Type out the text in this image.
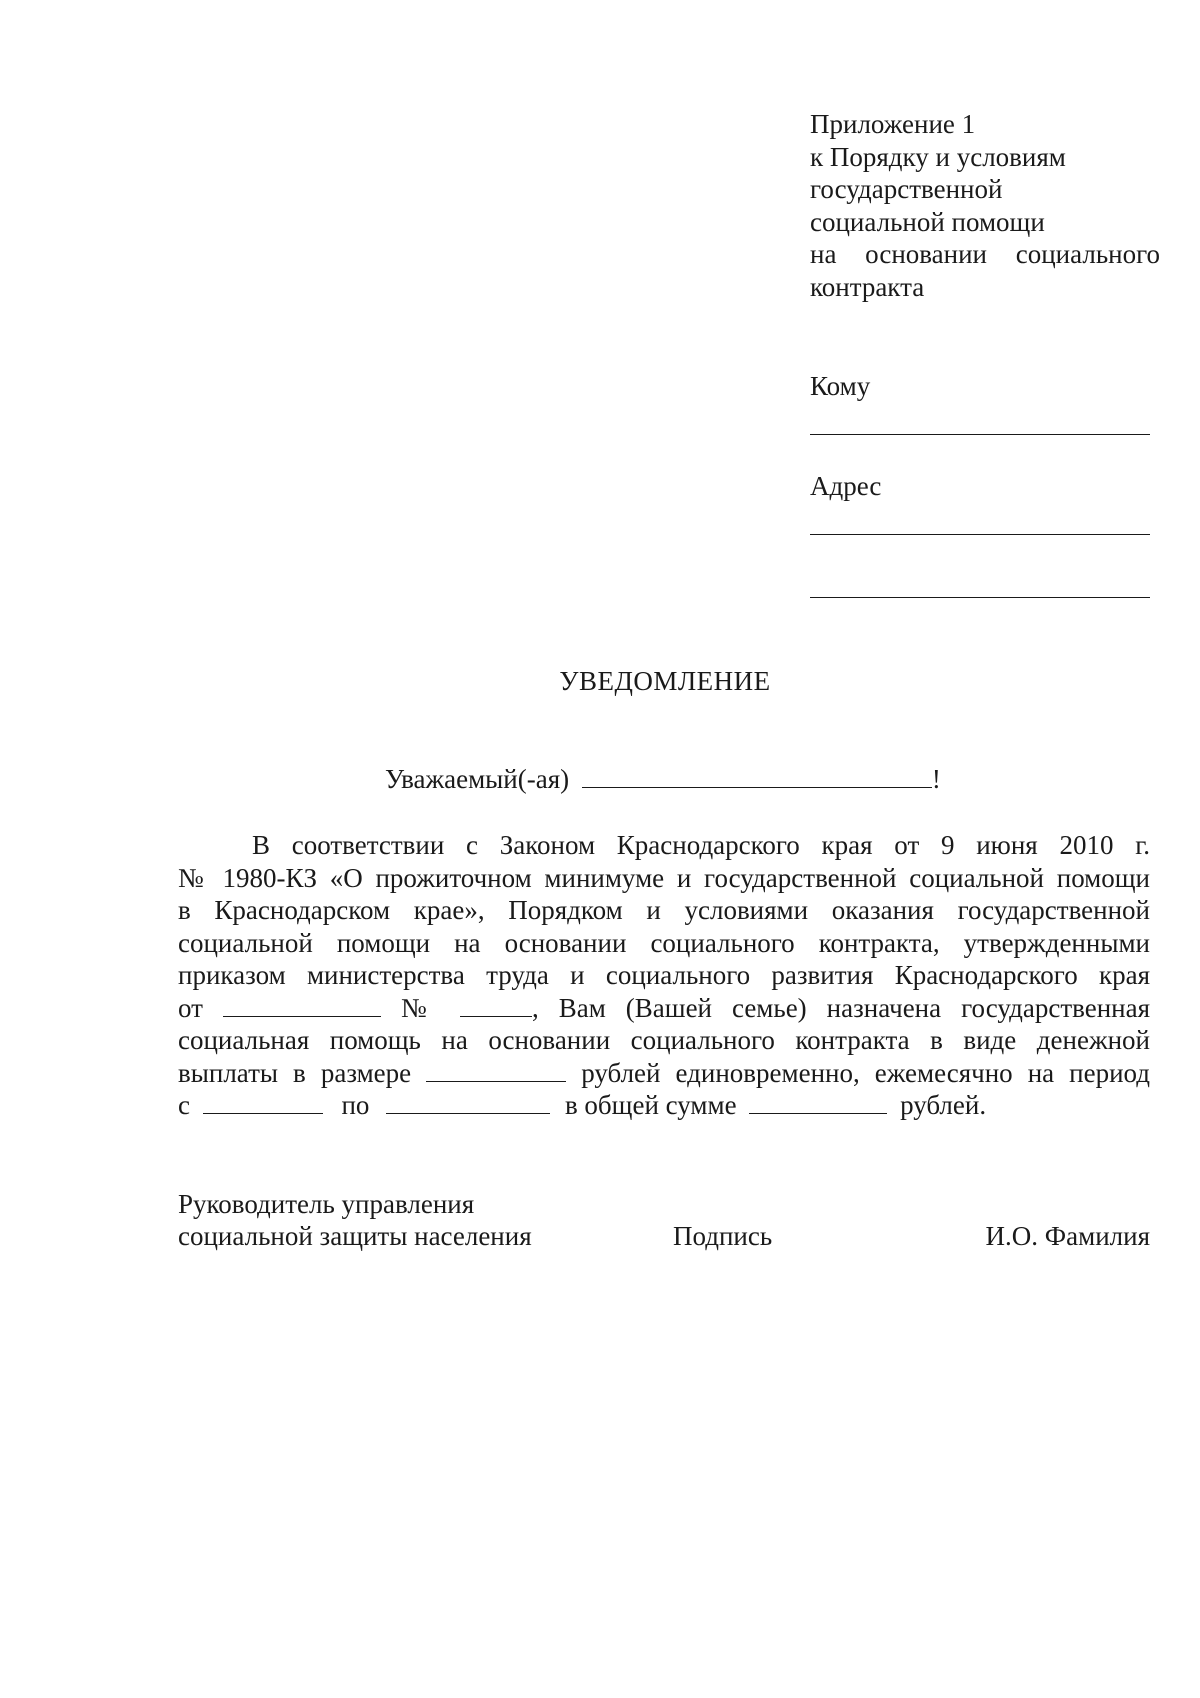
Приложение 1
к Порядку и условиям
государственной
социальной помощи
на основании социального
контракта
Кому
Адрес
УВЕДОМЛЕНИЕ
Уважаемый(-ая)	!
В соответствии с Законом Краснодарского края от 9 июня 2010 г.
№ 1980-КЗ «О прожиточном минимуме и государственной социальной помощи
в Краснодарском крае», Порядком и условиями оказания государственной
социальной помощи на основании социального контракта, утвержденными
приказом министерства труда и социального развития Краснодарского края
от	№	, Вам (Вашей семье) назначена государственная
социальная помощь на основании социального контракта в виде денежной
выплаты в размере	рублей единовременно, ежемесячно на период
с	по	в общей сумме	рублей.
Руководитель управления
социальной защиты населения	Подпись	И.О. Фамилия
